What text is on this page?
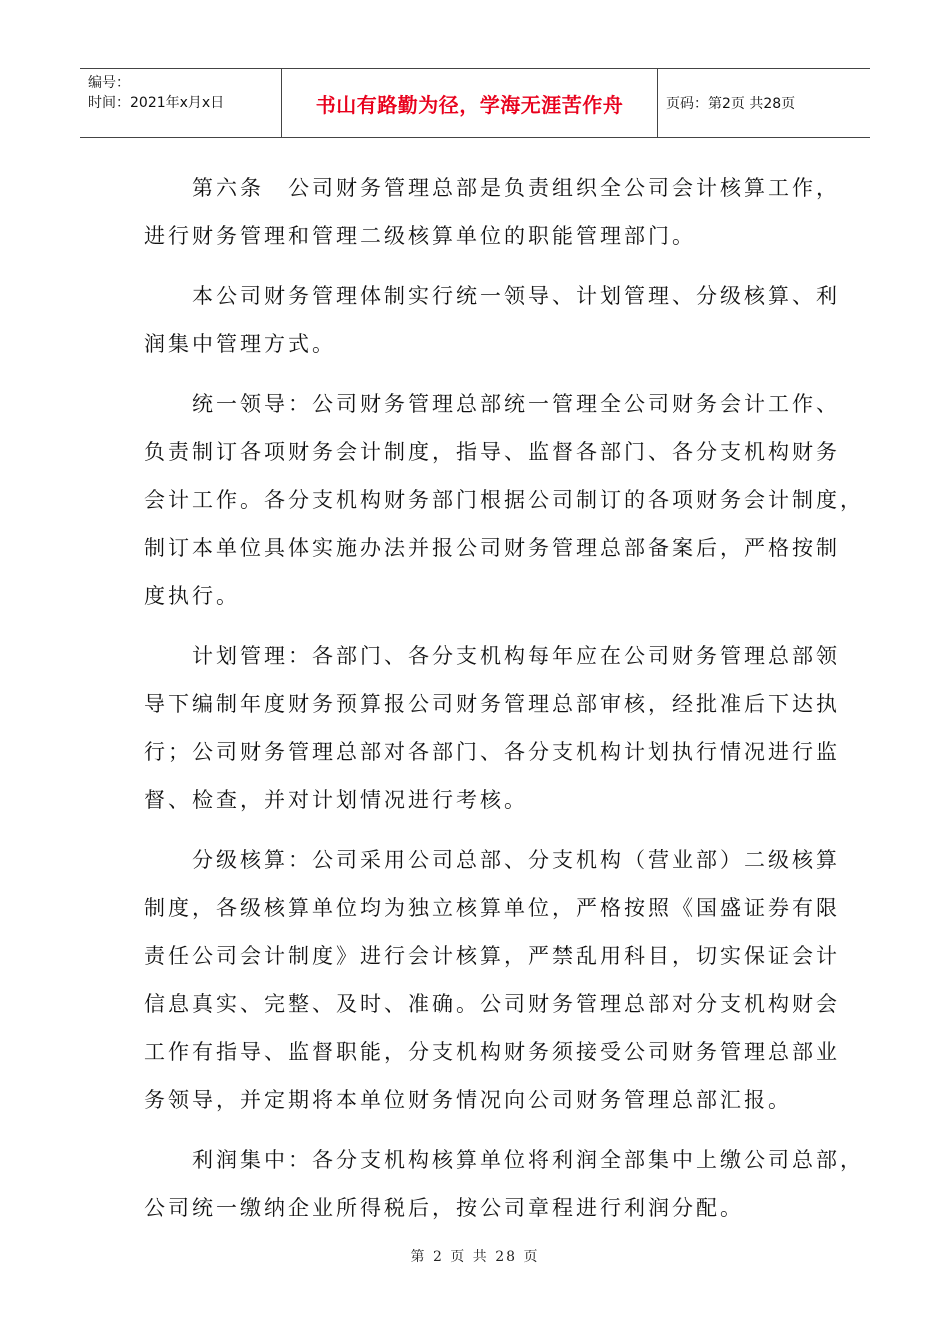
编号：
时间：2021年x月x日	书山有路勤为径，学海无涯苦作舟	页码：第2页 共28页
第六条　公司财务管理总部是负责组织全公司会计核算工作，
进行财务管理和管理二级核算单位的职能管理部门。
本公司财务管理体制实行统一领导、计划管理、分级核算、利
润集中管理方式。
统一领导：公司财务管理总部统一管理全公司财务会计工作、
负责制订各项财务会计制度，指导、监督各部门、各分支机构财务
会计工作。各分支机构财务部门根据公司制订的各项财务会计制度，
制订本单位具体实施办法并报公司财务管理总部备案后，严格按制
度执行。
计划管理：各部门、各分支机构每年应在公司财务管理总部领
导下编制年度财务预算报公司财务管理总部审核，经批准后下达执
行；公司财务管理总部对各部门、各分支机构计划执行情况进行监
督、检查，并对计划情况进行考核。
分级核算：公司采用公司总部、分支机构（营业部）二级核算
制度，各级核算单位均为独立核算单位，严格按照《国盛证券有限
责任公司会计制度》进行会计核算，严禁乱用科目，切实保证会计
信息真实、完整、及时、准确。公司财务管理总部对分支机构财会
工作有指导、监督职能，分支机构财务须接受公司财务管理总部业
务领导，并定期将本单位财务情况向公司财务管理总部汇报。
利润集中：各分支机构核算单位将利润全部集中上缴公司总部，
公司统一缴纳企业所得税后，按公司章程进行利润分配。
第 2 页 共 28 页
